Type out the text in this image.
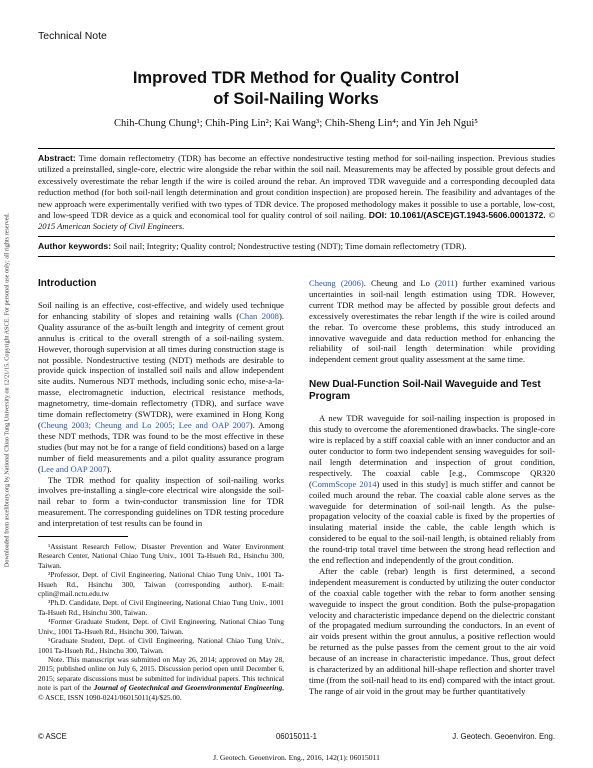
Downloaded from ascelibrary.org by National Chiao Tung University on 12/21/15. Copyright ASCE. For personal use only; all rights reserved.
Technical Note
Improved TDR Method for Quality Control
of Soil-Nailing Works
Chih-Chung Chung¹; Chih-Ping Lin²; Kai Wang³; Chih-Sheng Lin⁴; and Yin Jeh Ngui⁵
Abstract: Time domain reflectometry (TDR) has become an effective nondestructive testing method for soil-nailing inspection. Previous studies utilized a preinstalled, single-core, electric wire alongside the rebar within the soil nail. Measurements may be affected by possible grout defects and excessively overestimate the rebar length if the wire is coiled around the rebar. An improved TDR waveguide and a corresponding decoupled data reduction method (for both soil-nail length determination and grout condition inspection) are proposed herein. The feasibility and advantages of the new approach were experimentally verified with two types of TDR device. The proposed methodology makes it possible to use a portable, low-cost, and low-speed TDR device as a quick and economical tool for quality control of soil nailing. DOI: 10.1061/(ASCE)GT.1943-5606.0001372. © 2015 American Society of Civil Engineers.
Author keywords: Soil nail; Integrity; Quality control; Nondestructive testing (NDT); Time domain reflectometry (TDR).
Introduction

Soil nailing is an effective, cost-effective, and widely used technique for enhancing stability of slopes and retaining walls (Chan 2008). Quality assurance of the as-built length and integrity of cement grout annulus is critical to the overall strength of a soil-nailing system. However, thorough supervision at all times during construction stage is not possible. Nondestructive testing (NDT) methods are desirable to provide quick inspection of installed soil nails and allow independent site audits. Numerous NDT methods, including sonic echo, mise-a-la-masse, electromagnetic induction, electrical resistance methods, magnetometry, time-domain reflectometry (TDR), and surface wave time domain reflectometry (SWTDR), were examined in Hong Kong (Cheung 2003; Cheung and Lo 2005; Lee and OAP 2007). Among these NDT methods, TDR was found to be the most effective in these studies (but may not be for a range of field conditions) based on a large number of field measurements and a pilot quality assurance program (Lee and OAP 2007).

The TDR method for quality inspection of soil-nailing works involves pre-installing a single-core electrical wire alongside the soil-nail rebar to form a twin-conductor transmission line for TDR measurement. The corresponding guidelines on TDR testing procedure and interpretation of test results can be found in

¹Assistant Research Fellow, Disaster Prevention and Water Environment Research Center, National Chiao Tung Univ., 1001 Ta-Hsueh Rd., Hsinchu 300, Taiwan.
²Professor, Dept. of Civil Engineering, National Chiao Tung Univ., 1001 Ta-Hsueh Rd., Hsinchu 300, Taiwan (corresponding author). E-mail: cplin@mail.nctu.edu.tw
³Ph.D. Candidate, Dept. of Civil Engineering, National Chiao Tung Univ., 1001 Ta-Hsueh Rd., Hsinchu 300, Taiwan.
⁴Former Graduate Student, Dept. of Civil Engineering, National Chiao Tung Univ., 1001 Ta-Hsueh Rd., Hsinchu 300, Taiwan.
⁵Graduate Student, Dept. of Civil Engineering, National Chiao Tung Univ., 1001 Ta-Hsueh Rd., Hsinchu 300, Taiwan.
Note. This manuscript was submitted on May 26, 2014; approved on May 28, 2015; published online on July 6, 2015. Discussion period open until December 6, 2015; separate discussions must be submitted for individual papers. This technical note is part of the Journal of Geotechnical and Geoenvironmental Engineering, © ASCE, ISSN 1090-0241/06015011(4)/$25.00.

Cheung (2006). Cheung and Lo (2011) further examined various uncertainties in soil-nail length estimation using TDR. However, current TDR method may be affected by possible grout defects and excessively overestimates the rebar length if the wire is coiled around the rebar. To overcome these problems, this study introduced an innovative waveguide and data reduction method for enhancing the reliability of soil-nail length determination while providing independent cement grout quality assessment at the same time.

New Dual-Function Soil-Nail Waveguide and Test Program

A new TDR waveguide for soil-nailing inspection is proposed in this study to overcome the aforementioned drawbacks. The single-core wire is replaced by a stiff coaxial cable with an inner conductor and an outer conductor to form two independent sensing waveguides for soil-nail length determination and inspection of grout condition, respectively. The coaxial cable [e.g., Commscope QR320 (CommScope 2014) used in this study] is much stiffer and cannot be coiled much around the rebar. The coaxial cable alone serves as the waveguide for determination of soil-nail length. As the pulse-propagation velocity of the coaxial cable is fixed by the properties of insulating material inside the cable, the cable length which is considered to be equal to the soil-nail length, is obtained reliably from the round-trip total travel time between the strong head reflection and the end reflection and independently of the grout condition.

After the cable (rebar) length is first determined, a second independent measurement is conducted by utilizing the outer conductor of the coaxial cable together with the rebar to form another sensing waveguide to inspect the grout condition. Both the pulse-propagation velocity and characteristic impedance depend on the dielectric constant of the propagated medium surrounding the conductors. In an event of air voids present within the grout annulus, a positive reflection would be returned as the pulse passes from the cement grout to the air void because of an increase in characteristic impedance. Thus, grout defect is characterized by an additional hill-shape reflection and shorter travel time (from the soil-nail head to its end) compared with the intact grout. The range of air void in the grout may be further quantitatively

© ASCE	06015011-1	J. Geotech. Geoenviron. Eng.
J. Geotech. Geoenviron. Eng., 2016, 142(1): 06015011
